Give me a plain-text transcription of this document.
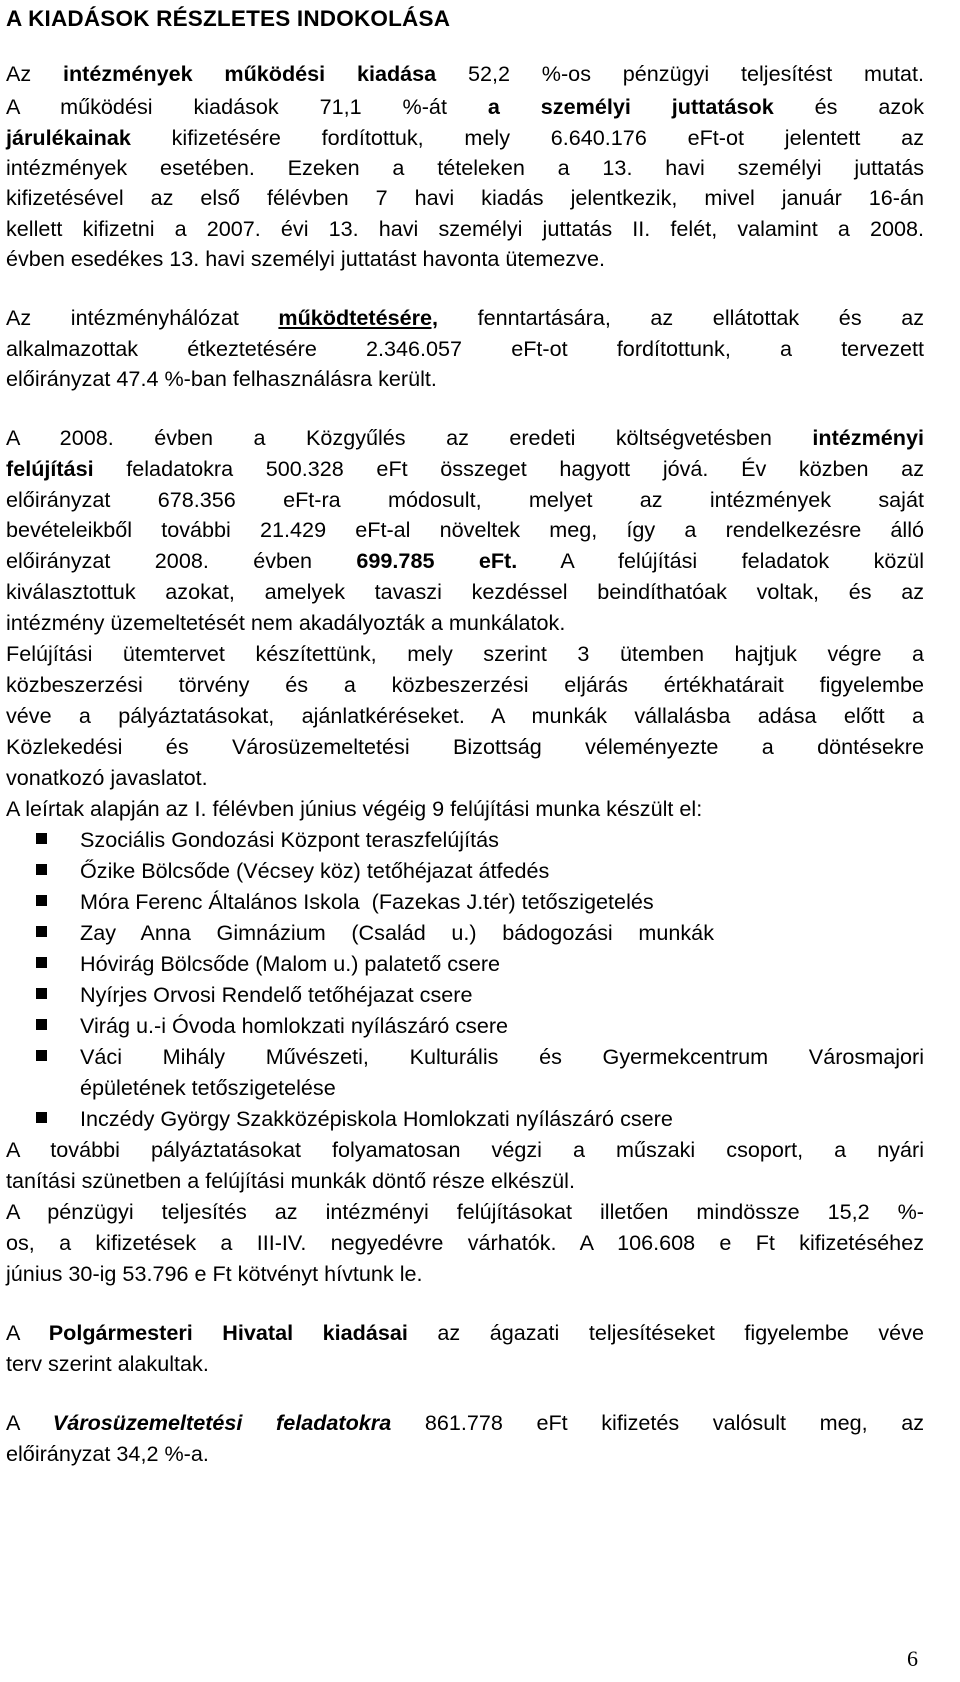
A KIADÁSOK RÉSZLETES INDOKOLÁSA
Az intézmények működési kiadása 52,2 %-os pénzügyi teljesítést mutat.
A működési kiadások 71,1 %-át a személyi juttatások és azok
járulékainak kifizetésére fordítottuk, mely 6.640.176 eFt-ot jelentett az
intézmények esetében. Ezeken a tételeken a 13. havi személyi juttatás
kifizetésével az első félévben 7 havi kiadás jelentkezik, mivel január 16-án
kellett kifizetni a 2007. évi 13. havi személyi juttatás II. felét, valamint a 2008.
évben esedékes 13. havi személyi juttatást havonta ütemezve.
Az intézményhálózat működtetésére, fenntartására, az ellátottak és az
alkalmazottak étkeztetésére 2.346.057 eFt-ot fordítottunk, a tervezett
előirányzat 47.4 %-ban felhasználásra került.
A 2008. évben a Közgyűlés az eredeti költségvetésben intézményi
felújítási feladatokra 500.328 eFt összeget hagyott jóvá. Év közben az
előirányzat 678.356 eFt-ra módosult, melyet az intézmények saját
bevételeikből további 21.429 eFt-al növeltek meg, így a rendelkezésre álló
előirányzat 2008. évben 699.785 eFt. A felújítási feladatok közül
kiválasztottuk azokat, amelyek tavaszi kezdéssel beindíthatóak voltak, és az
intézmény üzemeltetését nem akadályozták a munkálatok.
Felújítási ütemtervet készítettünk, mely szerint 3 ütemben hajtjuk végre a
közbeszerzési törvény és a közbeszerzési eljárás értékhatárait figyelembe
véve a pályáztatásokat, ajánlatkéréseket. A munkák vállalásba adása előtt a
Közlekedési és Városüzemeltetési Bizottság véleményezte a döntésekre
vonatkozó javaslatot.
A leírtak alapján az I. félévben június végéig 9 felújítási munka készült el:
Szociális Gondozási Központ teraszfelújítás
Őzike Bölcsőde (Vécsey köz) tetőhéjazat átfedés
Móra Ferenc Általános Iskola  (Fazekas J.tér) tetőszigetelés
Zay Anna Gimnázium (Család u.) bádogozási munkák
Hóvirág Bölcsőde (Malom u.) palatető csere
Nyírjes Orvosi Rendelő tetőhéjazat csere
Virág u.-i Óvoda homlokzati nyílászáró csere
Váci Mihály Művészeti, Kulturális és Gyermekcentrum Városmajori
épületének tetőszigetelése
Inczédy György Szakközépiskola Homlokzati nyílászáró csere
A további pályáztatásokat folyamatosan végzi a műszaki csoport, a nyári
tanítási szünetben a felújítási munkák döntő része elkészül.
A pénzügyi teljesítés az intézményi felújításokat illetően mindössze 15,2 %-
os, a kifizetések a III-IV. negyedévre várhatók. A 106.608 e Ft kifizetéséhez
június 30-ig 53.796 e Ft kötvényt hívtunk le.
A Polgármesteri Hivatal kiadásai az ágazati teljesítéseket figyelembe véve
terv szerint alakultak.
A Városüzemeltetési feladatokra 861.778 eFt kifizetés valósult meg, az
előirányzat 34,2 %-a.
6
